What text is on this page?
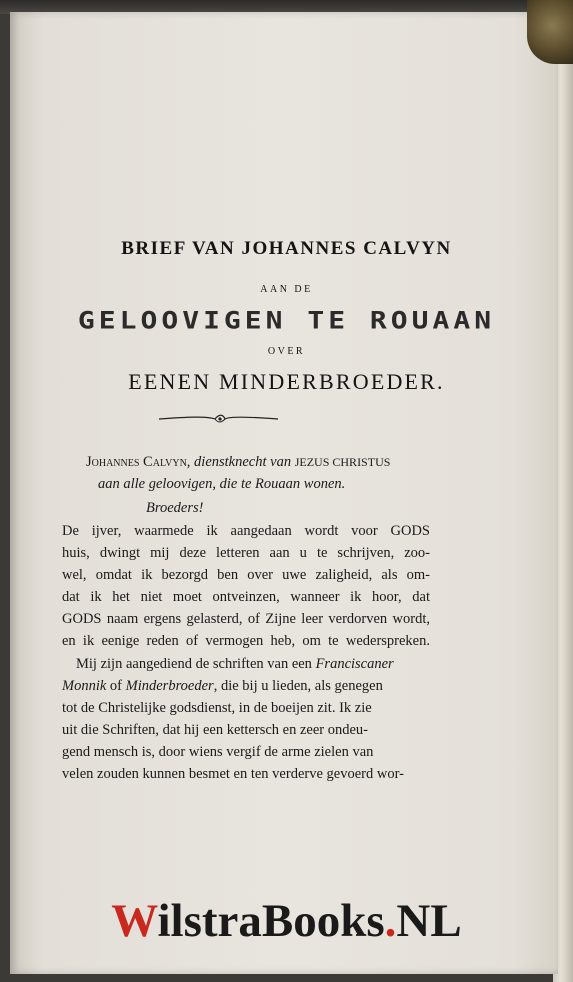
BRIEF VAN JOHANNES CALVYN
AAN DE
GELOOVIGEN TE ROUAAN
OVER
EENEN MINDERBROEDER.
Johannes Calvyn, dienstknecht van JEZUS CHRISTUS
aan alle geloovigen, die te Rouaan wonen.
Broeders!
De ijver, waarmede ik aangedaan wordt voor GODS
huis, dwingt mij deze letteren aan u te schrijven, zoo-
wel, omdat ik bezorgd ben over uwe zaligheid, als om-
dat ik het niet moet ontveinzen, wanneer ik hoor, dat
GODS naam ergens gelasterd, of Zijne leer verdorven wordt,
en ik eenige reden of vermogen heb, om te wederspreken.
Mij zijn aangediend de schriften van een Franciscaner
Monnik of Minderbroeder, die bij u lieden, als genegen
tot de Christelijke godsdienst, in de boeijen zit. Ik zie
uit die Schriften, dat hij een kettersch en zeer ondeu-
gend mensch is, door wiens vergif de arme zielen van
velen zouden kunnen besmet en ten verderve gevoerd wor-
WilstraBooks.NL
